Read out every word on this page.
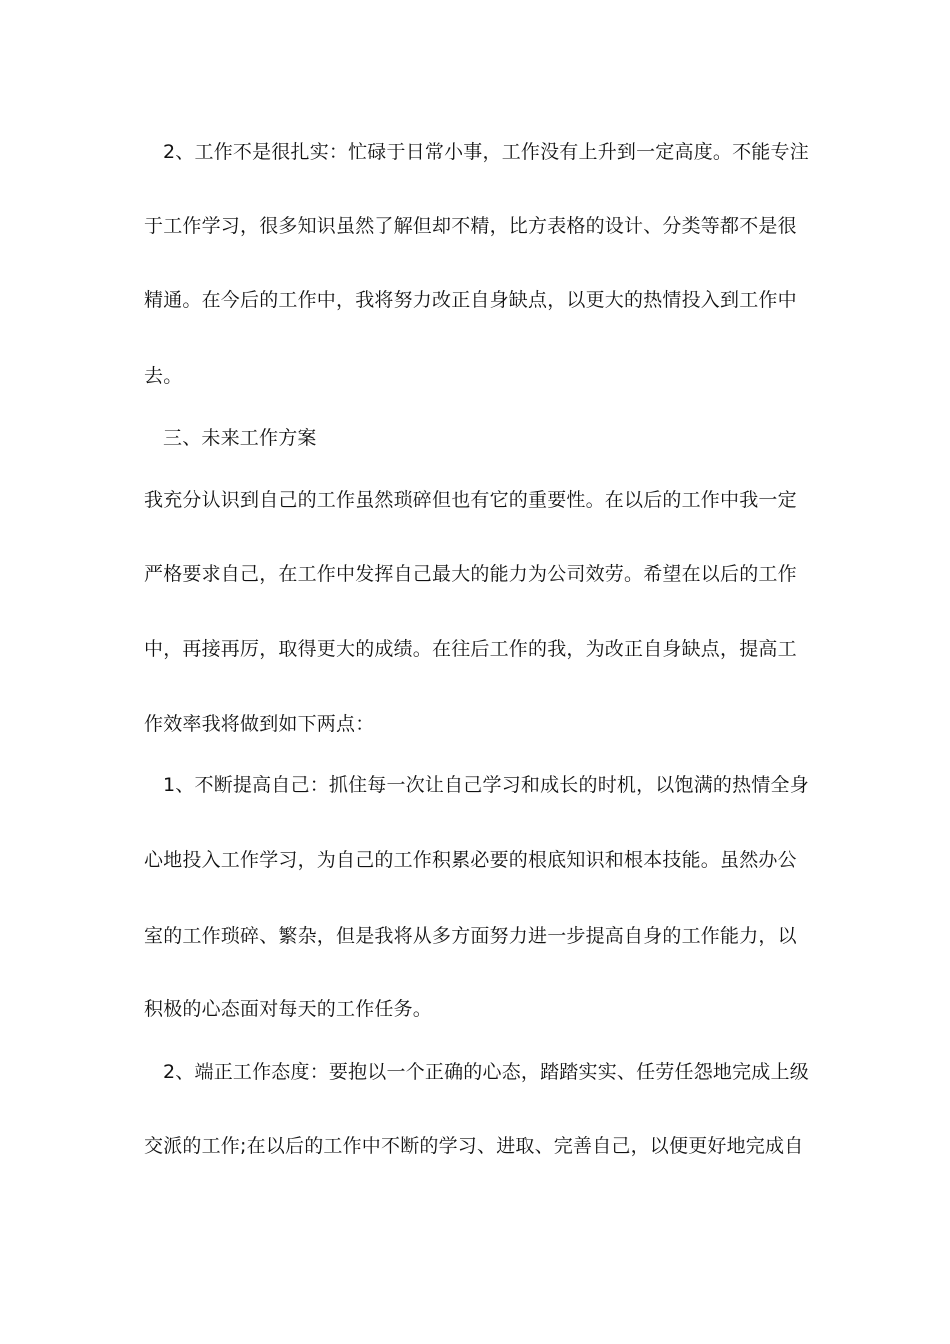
2、工作不是很扎实：忙碌于日常小事，工作没有上升到一定高度。不能专注
于工作学习，很多知识虽然了解但却不精，比方表格的设计、分类等都不是很
精通。在今后的工作中，我将努力改正自身缺点，以更大的热情投入到工作中
去。
三、未来工作方案
我充分认识到自己的工作虽然琐碎但也有它的重要性。在以后的工作中我一定
严格要求自己，在工作中发挥自己最大的能力为公司效劳。希望在以后的工作
中，再接再厉，取得更大的成绩。在往后工作的我，为改正自身缺点，提高工
作效率我将做到如下两点：
1、不断提高自己：抓住每一次让自己学习和成长的时机，以饱满的热情全身
心地投入工作学习，为自己的工作积累必要的根底知识和根本技能。虽然办公
室的工作琐碎、繁杂，但是我将从多方面努力进一步提高自身的工作能力，以
积极的心态面对每天的工作任务。
2、端正工作态度：要抱以一个正确的心态，踏踏实实、任劳任怨地完成上级
交派的工作;在以后的工作中不断的学习、进取、完善自己，以便更好地完成自
